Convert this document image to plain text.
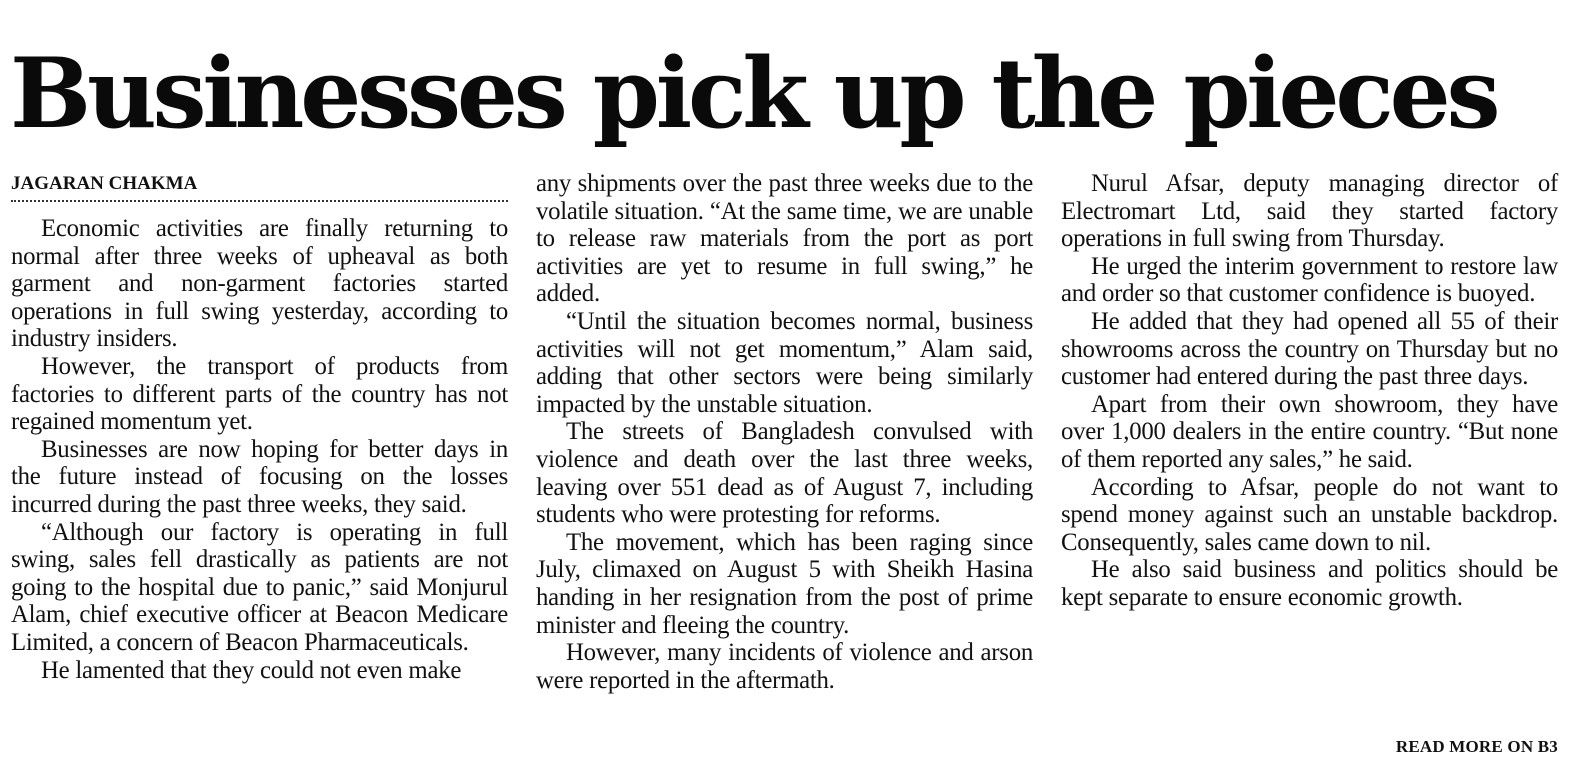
Businesses pick up the pieces
JAGARAN CHAKMA

Economic activities are finally returning to normal after three weeks of upheaval as both garment and non-garment factories started operations in full swing yesterday, according to industry insiders.

However, the transport of products from factories to different parts of the country has not regained momentum yet.

Businesses are now hoping for better days in the future instead of focusing on the losses incurred during the past three weeks, they said.

“Although our factory is operating in full swing, sales fell drastically as patients are not going to the hospital due to panic,” said Monjurul Alam, chief executive officer at Beacon Medicare Limited, a concern of Beacon Pharmaceuticals.

He lamented that they could not even make

any shipments over the past three weeks due to the volatile situation. “At the same time, we are unable to release raw materials from the port as port activities are yet to resume in full swing,” he added.

“Until the situation becomes normal, business activities will not get momentum,” Alam said, adding that other sectors were being similarly impacted by the unstable situation.

The streets of Bangladesh convulsed with violence and death over the last three weeks, leaving over 551 dead as of August 7, including students who were protesting for reforms.

The movement, which has been raging since July, climaxed on August 5 with Sheikh Hasina handing in her resignation from the post of prime minister and fleeing the country.

However, many incidents of violence and arson were reported in the aftermath.

Nurul Afsar, deputy managing director of Electromart Ltd, said they started factory operations in full swing from Thursday.

He urged the interim government to restore law and order so that customer confidence is buoyed.

He added that they had opened all 55 of their showrooms across the country on Thursday but no customer had entered during the past three days.

Apart from their own showroom, they have over 1,000 dealers in the entire country. “But none of them reported any sales,” he said.

According to Afsar, people do not want to spend money against such an unstable backdrop. Consequently, sales came down to nil.

He also said business and politics should be kept separate to ensure economic growth.

READ MORE ON B3
